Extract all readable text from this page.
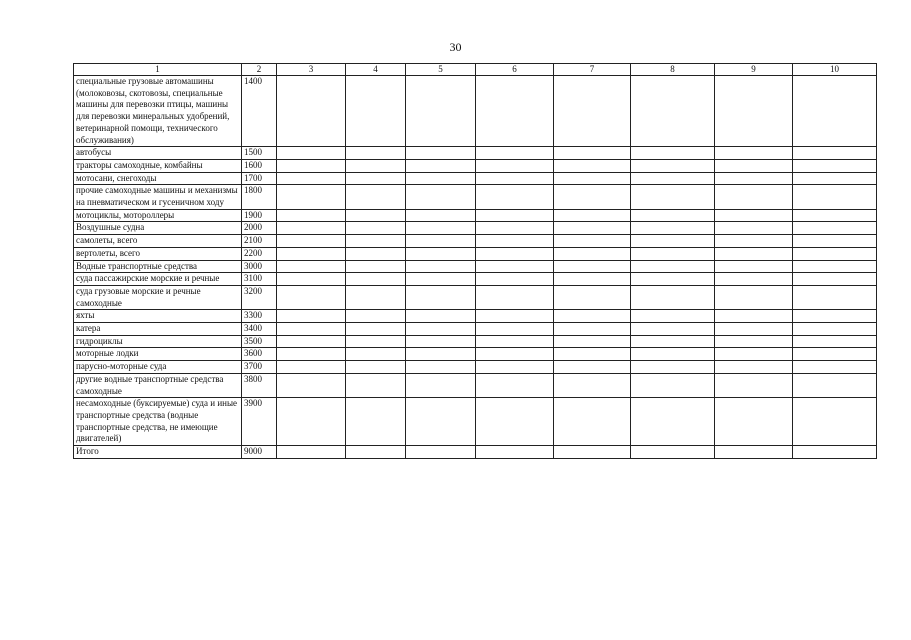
30
1	2	3	4	5	6	7	8	9	10
специальные грузовые автомашины (молоковозы, скотовозы, специальные машины для перевозки птицы, машины для перевозки минеральных удобрений, ветеринарной помощи, технического обслуживания)	1400								
автобусы	1500								
тракторы самоходные, комбайны	1600								
мотосани, снегоходы	1700								
прочие самоходные машины и механизмы на пневматическом и гусеничном ходу	1800								
мотоциклы, мотороллеры	1900								
Воздушные судна	2000								
самолеты, всего	2100								
вертолеты, всего	2200								
Водные транспортные средства	3000								
суда пассажирские морские и речные	3100								
суда грузовые морские и речные самоходные	3200								
яхты	3300								
катера	3400								
гидроциклы	3500								
моторные лодки	3600								
парусно-моторные суда	3700								
другие водные транспортные средства самоходные	3800								
несамоходные (буксируемые) суда и иные транспортные средства (водные транспортные средства, не имеющие двигателей)	3900								
Итого	9000								
